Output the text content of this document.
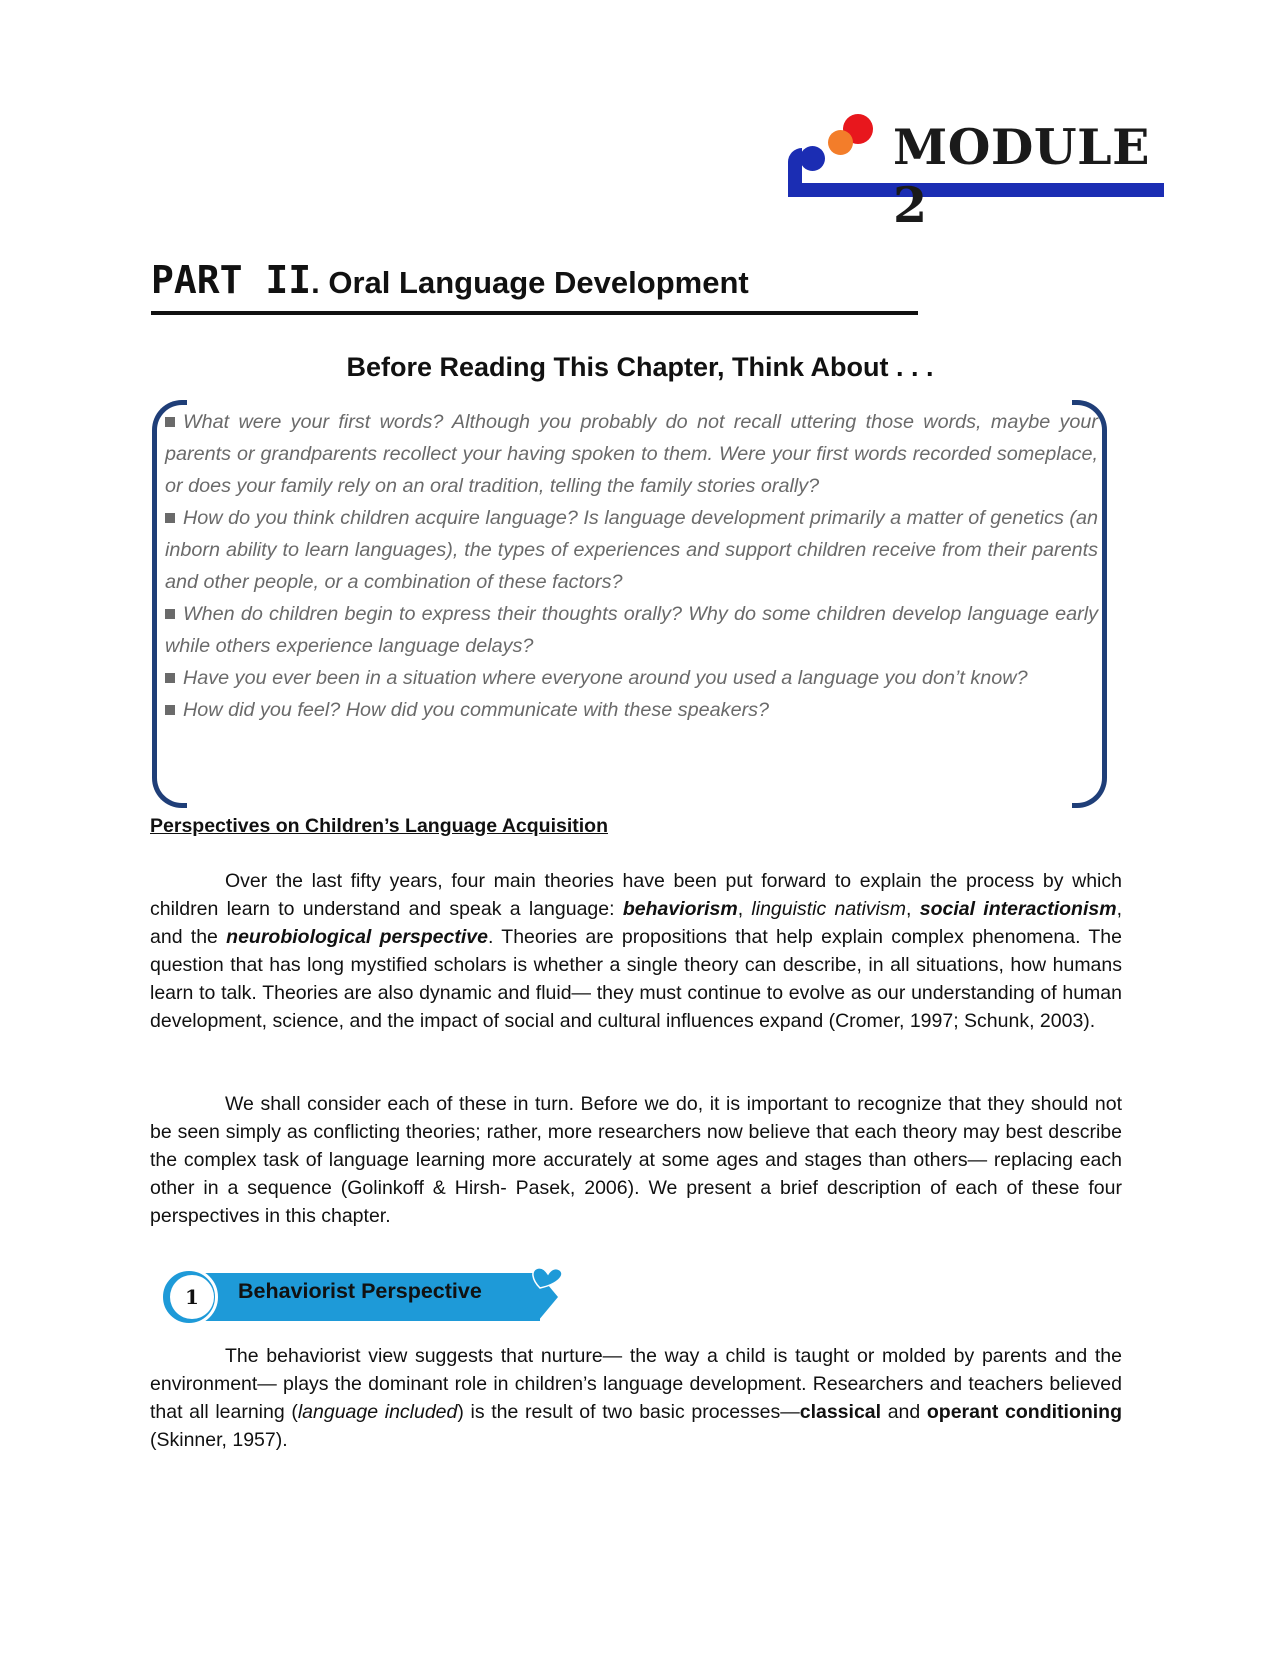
MODULE 2
PART II. Oral Language Development
Before Reading This Chapter, Think About . . .
What were your first words? Although you probably do not recall uttering those words, maybe your parents or grandparents recollect your having spoken to them. Were your first words recorded someplace, or does your family rely on an oral tradition, telling the family stories orally?
How do you think children acquire language? Is language development primarily a matter of genetics (an inborn ability to learn languages), the types of experiences and support children receive from their parents and other people, or a combination of these factors?
When do children begin to express their thoughts orally? Why do some children develop language early while others experience language delays?
Have you ever been in a situation where everyone around you used a language you don’t know?
How did you feel? How did you communicate with these speakers?
Perspectives on Children’s Language Acquisition
Over the last fifty years, four main theories have been put forward to explain the process by which children learn to understand and speak a language: behaviorism, linguistic nativism, social interactionism, and the neurobiological perspective. Theories are propositions that help explain complex phenomena. The question that has long mystified scholars is whether a single theory can describe, in all situations, how humans learn to talk. Theories are also dynamic and fluid— they must continue to evolve as our understanding of human development, science, and the impact of social and cultural influences expand (Cromer, 1997; Schunk, 2003).
We shall consider each of these in turn. Before we do, it is important to recognize that they should not be seen simply as conflicting theories; rather, more researchers now believe that each theory may best describe the complex task of language learning more accurately at some ages and stages than others— replacing each other in a sequence (Golinkoff & Hirsh- Pasek, 2006). We present a brief description of each of these four perspectives in this chapter.
1	Behaviorist Perspective
The behaviorist view suggests that nurture— the way a child is taught or molded by parents and the environment— plays the dominant role in children’s language development. Researchers and teachers believed that all learning (language included) is the result of two basic processes—classical and operant conditioning (Skinner, 1957).
